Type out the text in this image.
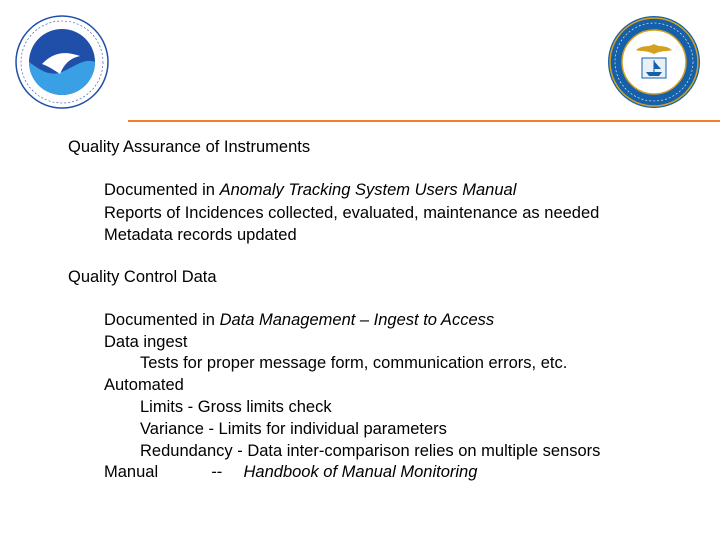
Quality Assurance of Instruments
Documented in Anomaly Tracking System Users Manual
Reports of Incidences collected, evaluated, maintenance as needed
Metadata records updated
Quality Control Data
Documented in Data Management – Ingest to Access
Data ingest
Tests for proper message form, communication errors, etc.
Automated
Limits - Gross limits check
Variance - Limits for individual parameters
Redundancy - Data inter-comparison relies on multiple sensors
Manual	-- Handbook of Manual Monitoring
